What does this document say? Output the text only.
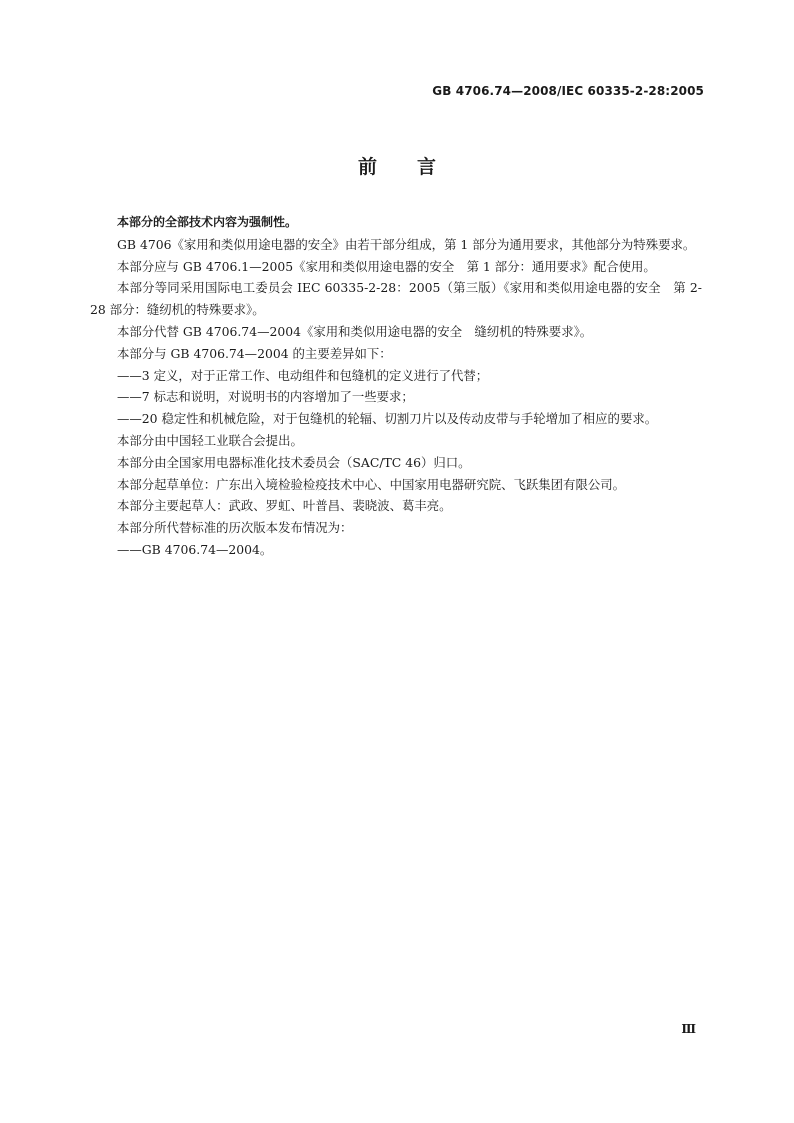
GB 4706.74—2008/IEC 60335-2-28:2005
前 言

本部分的全部技术内容为强制性。

GB 4706《家用和类似用途电器的安全》由若干部分组成，第 1 部分为通用要求，其他部分为特殊要求。

本部分应与 GB 4706.1—2005《家用和类似用途电器的安全　第 1 部分：通用要求》配合使用。

本部分等同采用国际电工委员会 IEC 60335-2-28：2005（第三版）《家用和类似用途电器的安全　第 2-28 部分：缝纫机的特殊要求》。

本部分代替 GB 4706.74—2004《家用和类似用途电器的安全　缝纫机的特殊要求》。

本部分与 GB 4706.74—2004 的主要差异如下：

——3 定义，对于正常工作、电动组件和包缝机的定义进行了代替；

——7 标志和说明，对说明书的内容增加了一些要求；

——20 稳定性和机械危险，对于包缝机的轮辐、切割刀片以及传动皮带与手轮增加了相应的要求。

本部分由中国轻工业联合会提出。

本部分由全国家用电器标准化技术委员会（SAC/TC 46）归口。

本部分起草单位：广东出入境检验检疫技术中心、中国家用电器研究院、飞跃集团有限公司。

本部分主要起草人：武政、罗虹、叶普昌、裴晓波、葛丰亮。

本部分所代替标准的历次版本发布情况为：

——GB 4706.74—2004。

Ⅲ
